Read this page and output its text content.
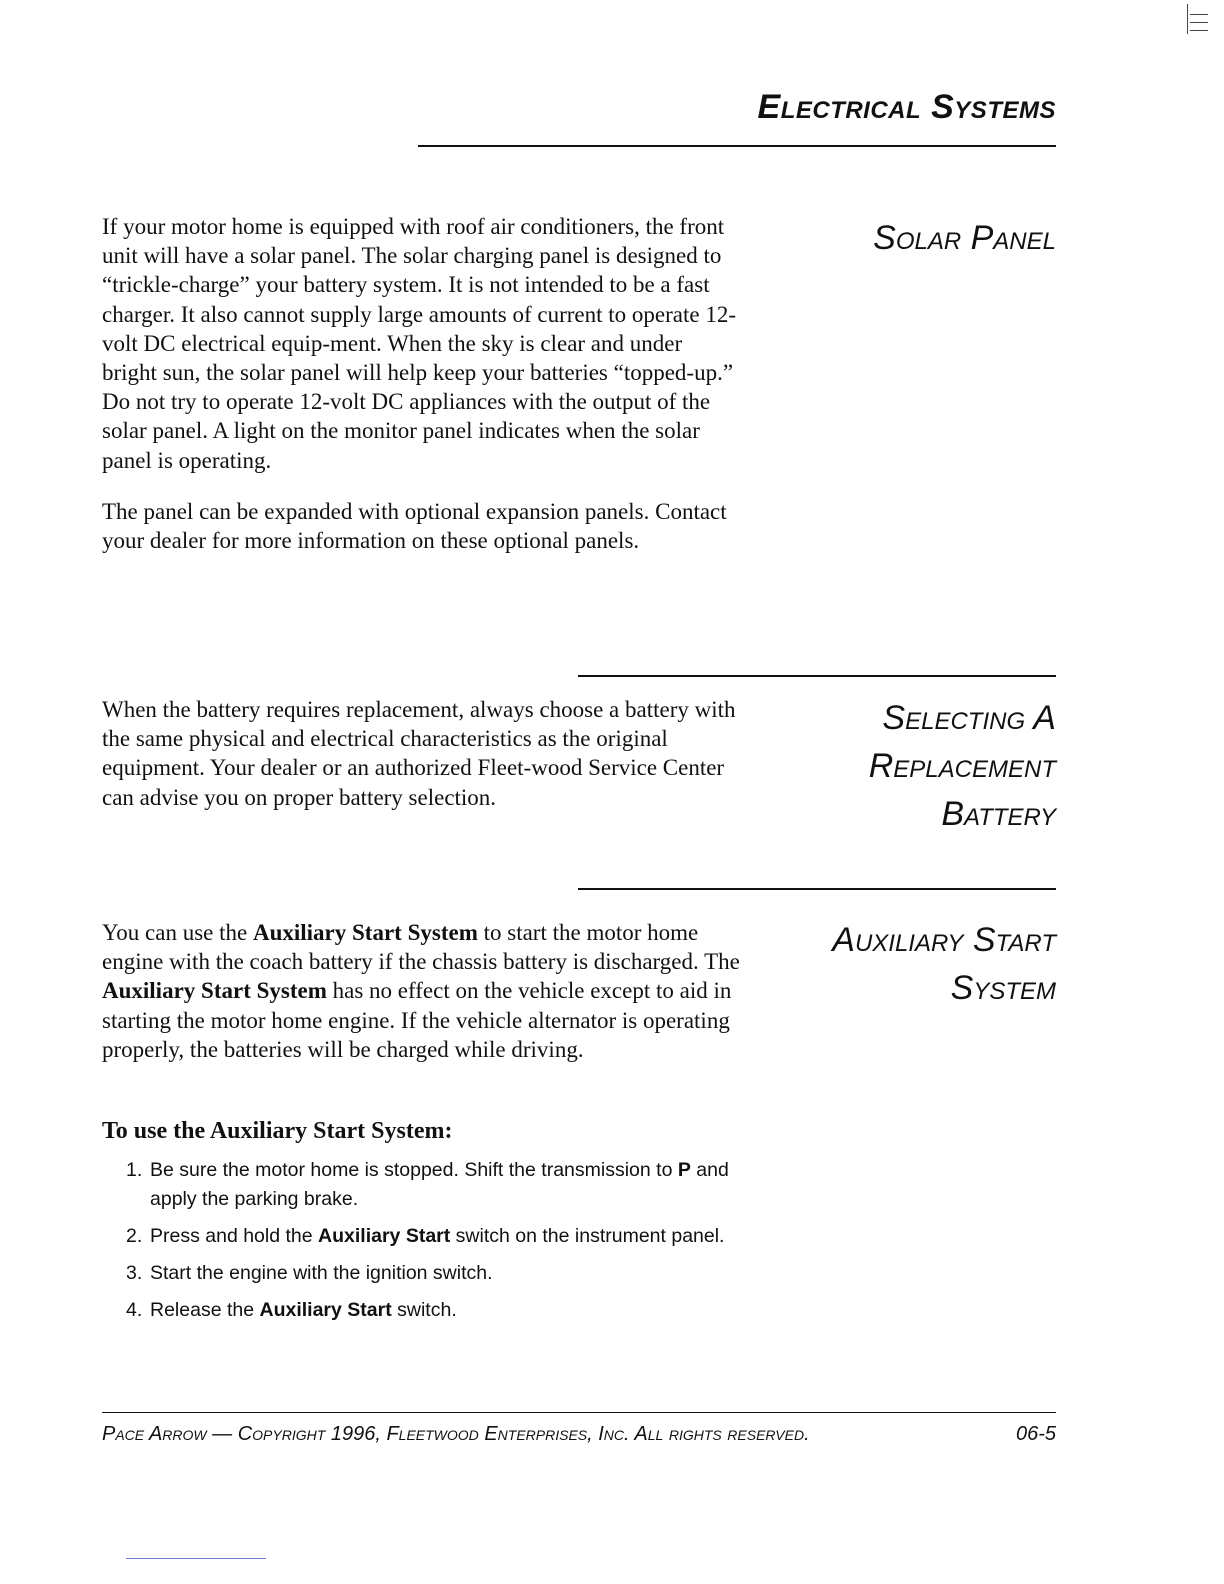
Electrical Systems
Solar Panel

If your motor home is equipped with roof air conditioners, the front unit will have a solar panel. The solar charging panel is designed to “trickle-charge” your battery system. It is not intended to be a fast charger. It also cannot supply large amounts of current to operate 12-volt DC electrical equip-ment. When the sky is clear and under bright sun, the solar panel will help keep your batteries “topped-up.” Do not try to operate 12-volt DC appliances with the output of the solar panel. A light on the monitor panel indicates when the solar panel is operating.

The panel can be expanded with optional expansion panels. Contact your dealer for more information on these optional panels.

Selecting A
Replacement
Battery

When the battery requires replacement, always choose a battery with the same physical and electrical characteristics as the original equipment. Your dealer or an authorized Fleet-wood Service Center can advise you on proper battery selection.

Auxiliary Start
System

You can use the Auxiliary Start System to start the motor home engine with the coach battery if the chassis battery is discharged. The Auxiliary Start System has no effect on the vehicle except to aid in starting the motor home engine. If the vehicle alternator is operating properly, the batteries will be charged while driving.

To use the Auxiliary Start System:
1. Be sure the motor home is stopped. Shift the transmission to P and apply the parking brake.
2. Press and hold the Auxiliary Start switch on the instrument panel.
3. Start the engine with the ignition switch.
4. Release the Auxiliary Start switch.
Pace Arrow — Copyright 1996, Fleetwood Enterprises, Inc. All rights reserved.	06-5
